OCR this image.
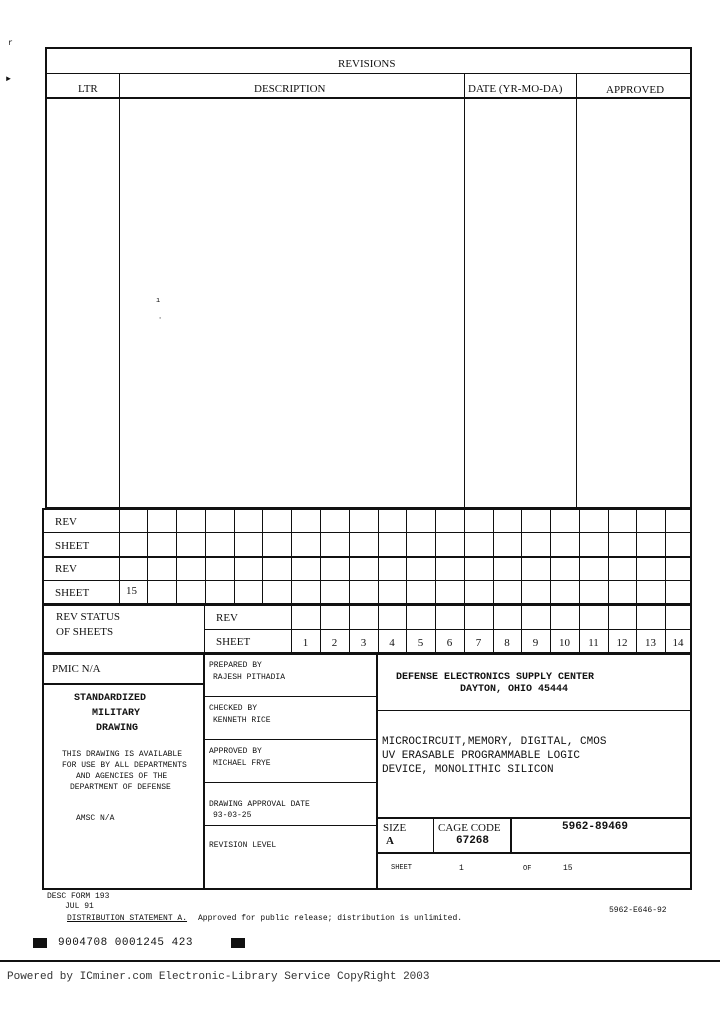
r
►
REVISIONS
LTR	DESCRIPTION	DATE (YR-MO-DA)	APPROVED
ı
·
REV
SHEET
REV
SHEET	15
REV STATUS
OF SHEETS
REV
SHEET	1	2	3	4	5	6	7	8	9	10	11	12	13	14
PMIC N/A
STANDARDIZED
MILITARY
DRAWING
THIS DRAWING IS AVAILABLE
FOR USE BY ALL DEPARTMENTS
AND AGENCIES OF THE
DEPARTMENT OF DEFENSE
AMSC N/A
PREPARED BY
RAJESH PITHADIA
CHECKED BY
KENNETH RICE
APPROVED BY
MICHAEL FRYE
DRAWING APPROVAL DATE
93-03-25
REVISION LEVEL
DEFENSE ELECTRONICS SUPPLY CENTER
DAYTON, OHIO 45444
MICROCIRCUIT,MEMORY, DIGITAL, CMOS
UV ERASABLE PROGRAMMABLE LOGIC
DEVICE, MONOLITHIC SILICON
SIZE
A
CAGE CODE
67268
5962-89469
SHEET	1	OF	15
DESC FORM 193
JUL 91
DISTRIBUTION STATEMENT A. Approved for public release; distribution is unlimited.
5962-E646-92
9004708 0001245 423
Powered by ICminer.com Electronic-Library Service CopyRight 2003
